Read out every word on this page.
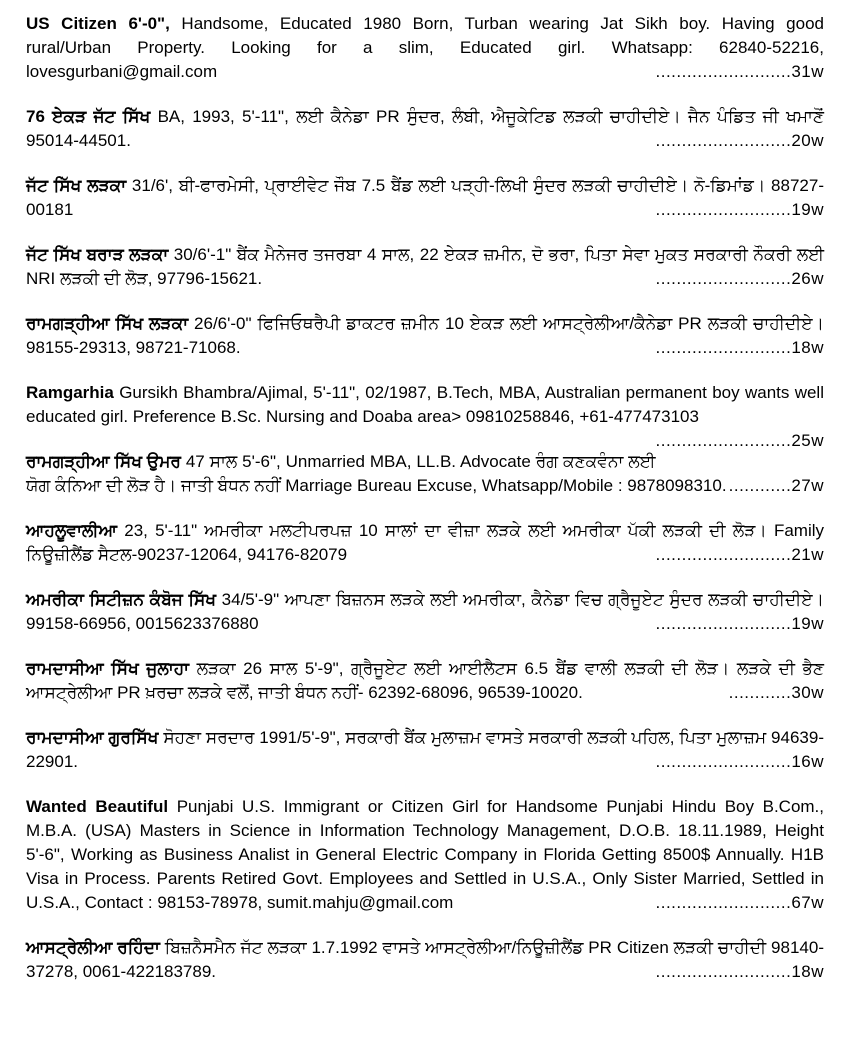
US Citizen 6'-0", Handsome, Educated 1980 Born, Turban wearing Jat Sikh boy. Having good rural/Urban Property. Looking for a slim, Educated girl. Whatsapp: 62840-52216, lovesgurbani@gmail.com	..........................31w
76 ਏਕੜ ਜੱਟ ਸਿੱਖ BA, 1993, 5'-11", ਲਈ ਕੈਨੇਡਾ PR ਸੁੰਦਰ, ਲੰਬੀ, ਐਜੂਕੇਟਿਡ ਲੜਕੀ ਚਾਹੀਦੀਏ। ਜੈਨ ਪੰਡਿਤ ਜੀ ਖਮਾਣੋਂ 95014-44501.	..........................20w
ਜੱਟ ਸਿੱਖ ਲੜਕਾ 31/6', ਬੀ-ਫਾਰਮੇਸੀ, ਪ੍ਰਾਈਵੇਟ ਜੌਬ 7.5 ਬੈਂਡ ਲਈ ਪੜ੍ਹੀ-ਲਿਖੀ ਸੁੰਦਰ ਲੜਕੀ ਚਾਹੀਦੀਏ। ਨੋ-ਡਿਮਾਂਡ। 88727-00181	..........................19w
ਜੱਟ ਸਿੱਖ ਬਰਾੜ ਲੜਕਾ 30/6'-1" ਬੈਂਕ ਮੈਨੇਜਰ ਤਜਰਬਾ 4 ਸਾਲ, 22 ਏਕੜ ਜ਼ਮੀਨ, ਦੋ ਭਰਾ, ਪਿਤਾ ਸੇਵਾ ਮੁਕਤ ਸਰਕਾਰੀ ਨੌਕਰੀ ਲਈ NRI ਲੜਕੀ ਦੀ ਲੋੜ, 97796-15621.	..........................26w
ਰਾਮਗੜ੍ਹੀਆ ਸਿੱਖ ਲੜਕਾ 26/6'-0" ਫਿਜਿਓਥਰੈਪੀ ਡਾਕਟਰ ਜ਼ਮੀਨ 10 ਏਕੜ ਲਈ ਆਸਟ੍ਰੇਲੀਆ/ਕੈਨੇਡਾ PR ਲੜਕੀ ਚਾਹੀਦੀਏ। 98155-29313, 98721-71068.	..........................18w
Ramgarhia Gursikh Bhambra/Ajimal, 5'-11", 02/1987, B.Tech, MBA, Australian permanent boy wants well educated girl. Preference B.Sc. Nursing and Doaba area> 09810258846, +61-477473103
..........................25w
ਰਾਮਗੜ੍ਹੀਆ ਸਿੱਖ ਉਮਰ 47 ਸਾਲ 5'-6", Unmarried MBA, LL.B. Advocate ਰੰਗ ਕਣਕਵੰਨਾ ਲਈ ਯੋਗ ਕੰਨਿਆ ਦੀ ਲੋੜ ਹੈ। ਜਾਤੀ ਬੰਧਨ ਨਹੀਂ Marriage Bureau Excuse, Whatsapp/Mobile : 9878098310. ............27w
ਆਹਲੂਵਾਲੀਆ 23, 5'-11" ਅਮਰੀਕਾ ਮਲਟੀਪਰਪਜ਼ 10 ਸਾਲਾਂ ਦਾ ਵੀਜ਼ਾ ਲੜਕੇ ਲਈ ਅਮਰੀਕਾ ਪੱਕੀ ਲੜਕੀ ਦੀ ਲੋੜ। Family ਨਿਊਜ਼ੀਲੈਂਡ ਸੈਟਲ-90237-12064, 94176-82079	..........................21w
ਅਮਰੀਕਾ ਸਿਟੀਜ਼ਨ ਕੰਬੋਜ ਸਿੱਖ 34/5'-9" ਆਪਣਾ ਬਿਜ਼ਨਸ ਲੜਕੇ ਲਈ ਅਮਰੀਕਾ, ਕੈਨੇਡਾ ਵਿਚ ਗ੍ਰੈਜੂਏਟ ਸੁੰਦਰ ਲੜਕੀ ਚਾਹੀਦੀਏ। 99158-66956, 0015623376880	..........................19w
ਰਾਮਦਾਸੀਆ ਸਿੱਖ ਜੁਲਾਹਾ ਲੜਕਾ 26 ਸਾਲ 5'-9", ਗ੍ਰੈਜੂਏਟ ਲਈ ਆਈਲੈਟਸ 6.5 ਬੈਂਡ ਵਾਲੀ ਲੜਕੀ ਦੀ ਲੋੜ। ਲੜਕੇ ਦੀ ਭੈਣ ਆਸਟ੍ਰੇਲੀਆ PR ਖ਼ਰਚਾ ਲੜਕੇ ਵਲੋਂ, ਜਾਤੀ ਬੰਧਨ ਨਹੀਂ- 62392-68096, 96539-10020.	............30w
ਰਾਮਦਾਸੀਆ ਗੁਰਸਿੱਖ ਸੋਹਣਾ ਸਰਦਾਰ 1991/5'-9", ਸਰਕਾਰੀ ਬੈਂਕ ਮੁਲਾਜ਼ਮ ਵਾਸਤੇ ਸਰਕਾਰੀ ਲੜਕੀ ਪਹਿਲ, ਪਿਤਾ ਮੁਲਾਜ਼ਮ 94639-22901.	..........................16w
Wanted Beautiful Punjabi U.S. Immigrant or Citizen Girl for Handsome Punjabi Hindu Boy B.Com., M.B.A. (USA) Masters in Science in Information Technology Management, D.O.B. 18.11.1989, Height 5'-6", Working as Business Analist in General Electric Company in Florida Getting 8500$ Annually. H1B Visa in Process. Parents Retired Govt. Employees and Settled in U.S.A., Only Sister Married, Settled in U.S.A., Contact : 98153-78978, sumit.mahju@gmail.com	..........................67w
ਆਸਟ੍ਰੇਲੀਆ ਰਹਿੰਦਾ ਬਿਜ਼ਨੈਸਮੈਨ ਜੱਟ ਲੜਕਾ 1.7.1992 ਵਾਸਤੇ ਆਸਟ੍ਰੇਲੀਆ/ਨਿਊਜ਼ੀਲੈਂਡ PR Citizen ਲੜਕੀ ਚਾਹੀਦੀ 98140-37278, 0061-422183789.	..........................18w
